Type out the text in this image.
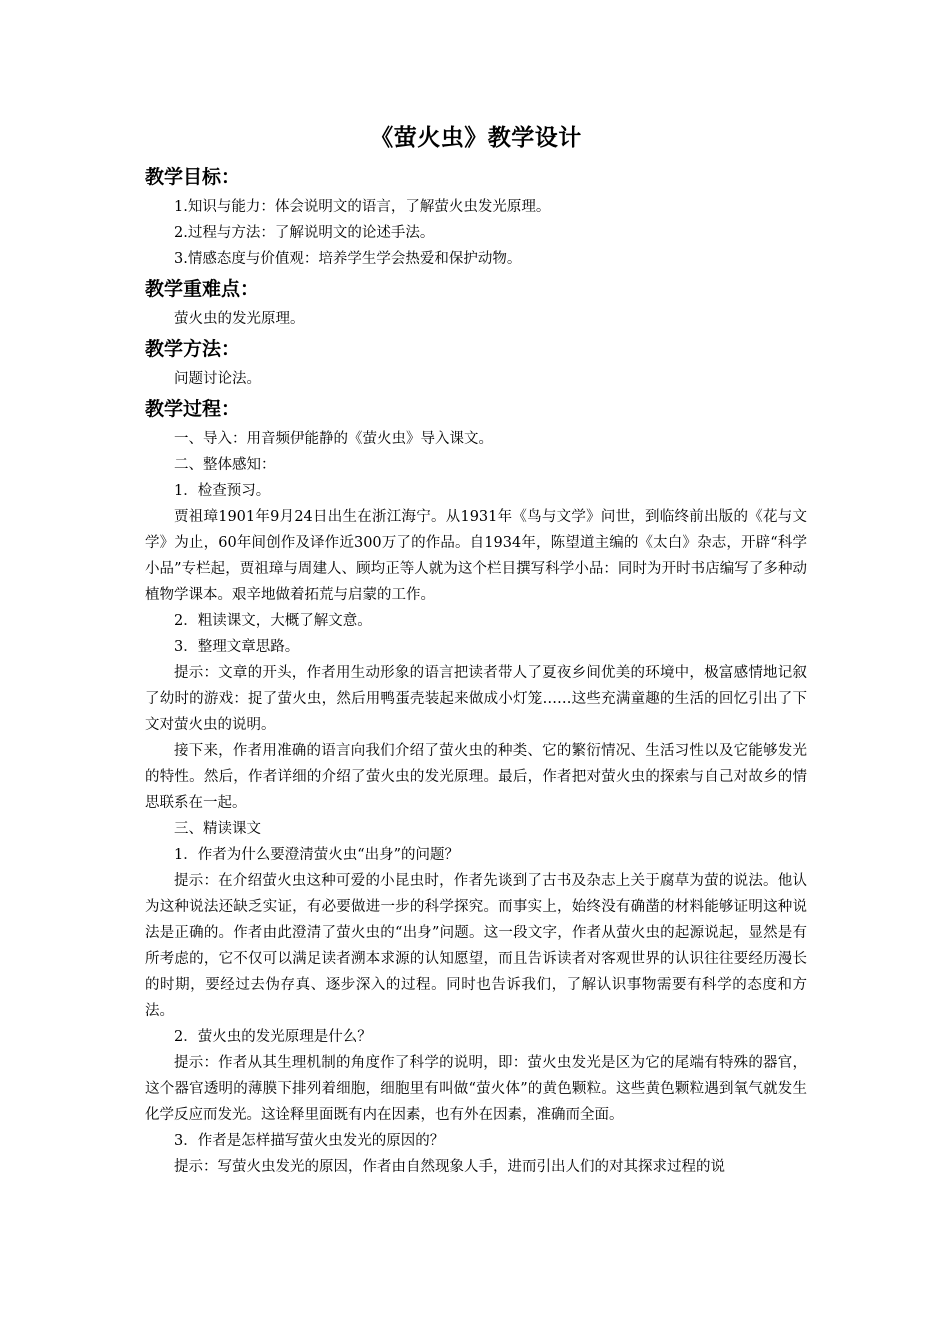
《萤火虫》教学设计
教学目标：

1.知识与能力：体会说明文的语言，了解萤火虫发光原理。

2.过程与方法：了解说明文的论述手法。

3.情感态度与价值观：培养学生学会热爱和保护动物。

教学重难点：

萤火虫的发光原理。

教学方法：

问题讨论法。

教学过程：

一、导入：用音频伊能静的《萤火虫》导入课文。

二、整体感知：

1．检查预习。

贾祖璋1901年9月24日出生在浙江海宁。从1931年《鸟与文学》问世，到临终前出版的《花与文学》为止，60年间创作及译作近300万了的作品。自1934年，陈望道主编的《太白》杂志，开辟“科学小品”专栏起，贾祖璋与周建人、顾均正等人就为这个栏目撰写科学小品：同时为开时书店编写了多种动植物学课本。艰辛地做着拓荒与启蒙的工作。

2．粗读课文，大概了解文意。

3．整理文章思路。

提示：文章的开头，作者用生动形象的语言把读者带人了夏夜乡间优美的环境中，极富感情地记叙了幼时的游戏：捉了萤火虫，然后用鸭蛋壳装起来做成小灯笼……这些充满童趣的生活的回忆引出了下文对萤火虫的说明。

接下来，作者用准确的语言向我们介绍了萤火虫的种类、它的繁衍情况、生活习性以及它能够发光的特性。然后，作者详细的介绍了萤火虫的发光原理。最后，作者把对萤火虫的探索与自己对故乡的情思联系在一起。

三、精读课文

1．作者为什么要澄清萤火虫“出身”的问题？

提示：在介绍萤火虫这种可爱的小昆虫时，作者先谈到了古书及杂志上关于腐草为萤的说法。他认为这种说法还缺乏实证，有必要做进一步的科学探究。而事实上，始终没有确凿的材料能够证明这种说法是正确的。作者由此澄清了萤火虫的“出身”问题。这一段文字，作者从萤火虫的起源说起，显然是有所考虑的，它不仅可以满足读者溯本求源的认知愿望，而且告诉读者对客观世界的认识往往要经历漫长的时期，要经过去伪存真、逐步深入的过程。同时也告诉我们，了解认识事物需要有科学的态度和方法。

2．萤火虫的发光原理是什么？

提示：作者从其生理机制的角度作了科学的说明，即：萤火虫发光是区为它的尾端有特殊的器官，这个器官透明的薄膜下排列着细胞，细胞里有叫做“萤火体”的黄色颗粒。这些黄色颗粒遇到氧气就发生化学反应而发光。这诠释里面既有内在因素，也有外在因素，准确而全面。

3．作者是怎样描写萤火虫发光的原因的？

提示：写萤火虫发光的原因，作者由自然现象人手，进而引出人们的对其探求过程的说
